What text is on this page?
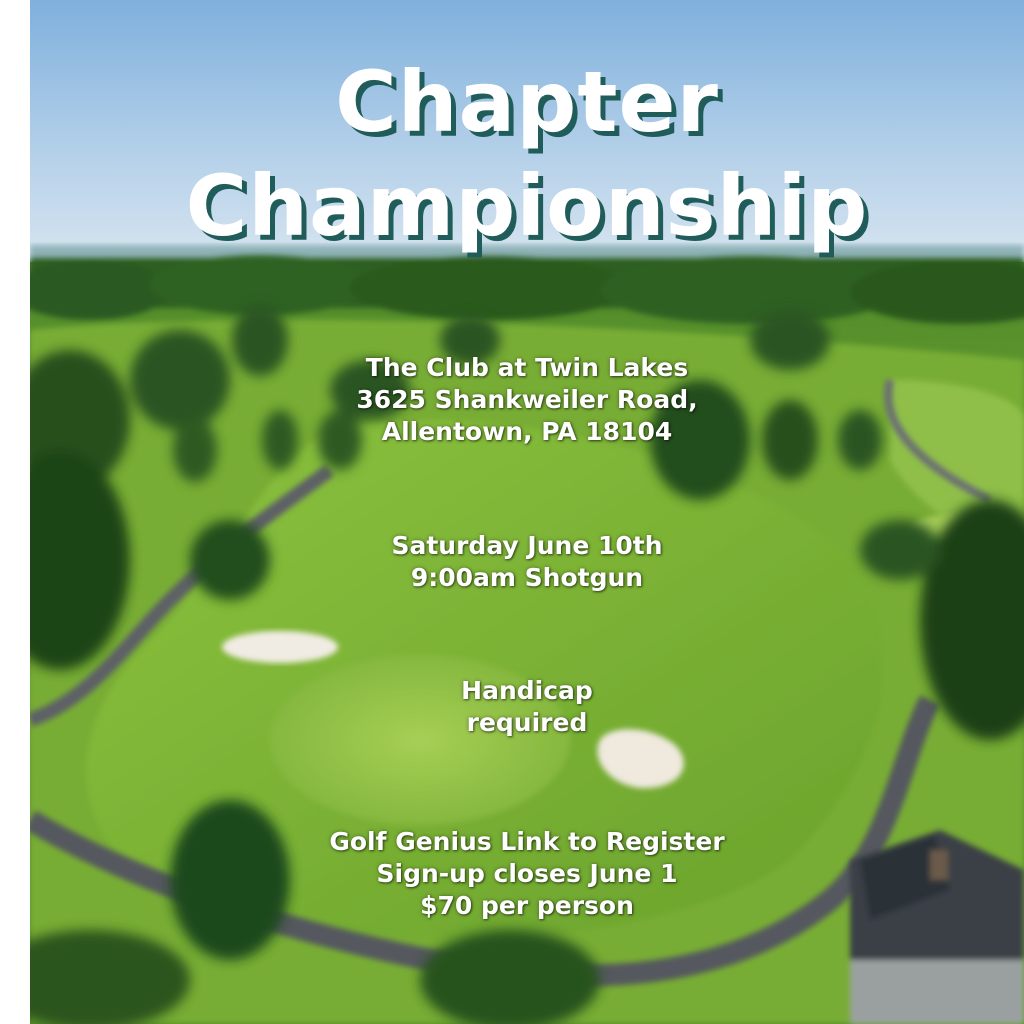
Chapter
Championship
The Club at Twin Lakes
3625 Shankweiler Road,
Allentown, PA 18104
Saturday June 10th
9:00am Shotgun
Handicap
required
Golf Genius Link to Register
Sign-up closes June 1
$70 per person
